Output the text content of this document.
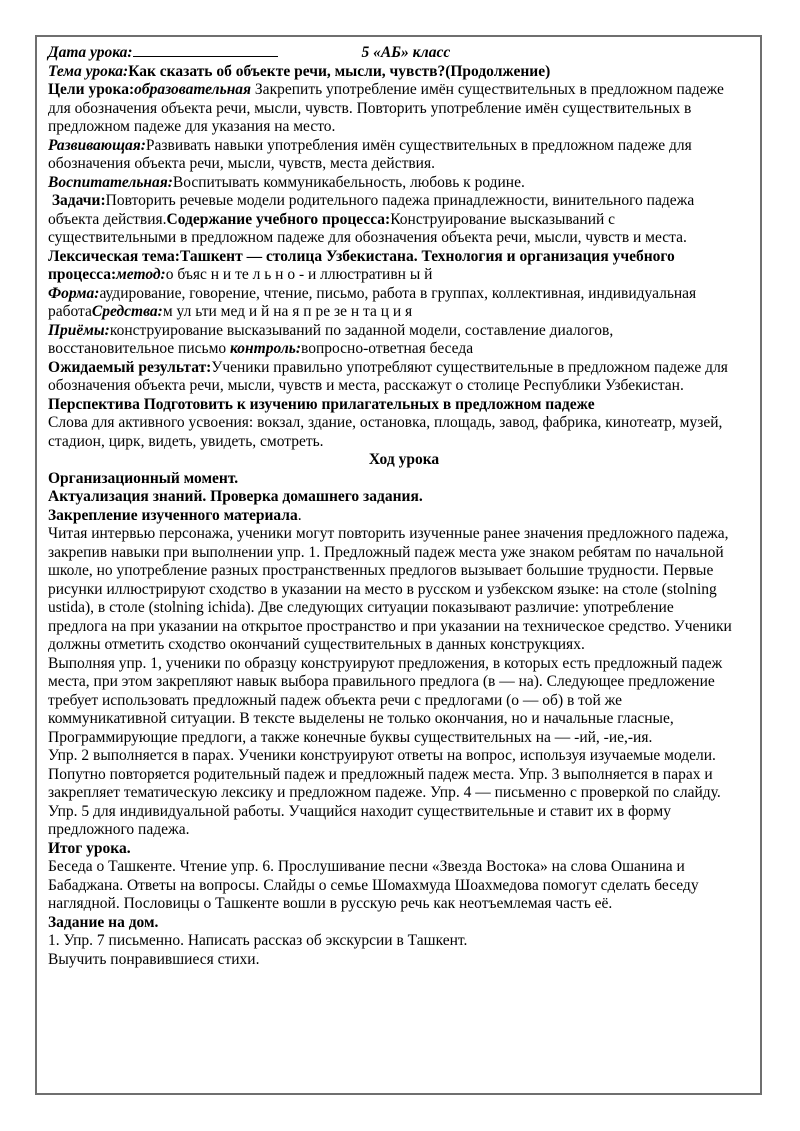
Дата урока:	5 «АБ» класс
Тема урока:Как сказать об объекте речи, мысли, чувств?(Продолжение)
Цели урока:образовательная Закрепить употребление имён существительных в предложном падеже
для обозначения объекта речи, мысли, чувств. Повторить употребление имён существительных в
предложном падеже для указания на место.
Развивающая:Развивать навыки употребления имён существительных в предложном падеже для
обозначения объекта речи, мысли, чувств, места действия.
Воспитательная:Воспитывать коммуникабельность, любовь к родине.
Задачи:Повторить речевые модели родительного падежа принадлежности, винительного падежа
объекта действия.Содержание учебного процесса:Конструирование высказываний с
существительными в предложном падеже для обозначения объекта речи, мысли, чувств и места.
Лексическая тема:Ташкент — столица Узбекистана. Технология и организация учебного
процесса:метод:о бъяс н и те л ь н о - и ллюстративн ы й
Форма:аудирование, говорение, чтение, письмо, работа в группах, коллективная, индивидуальная
работаСредства:м ул ьти мед и й на я п ре зе н та ц и я
Приёмы:конструирование высказываний по заданной модели, составление диалогов,
восстановительное письмо контроль:вопросно-ответная беседа
Ожидаемый результат:Ученики правильно употребляют существительные в предложном падеже для
обозначения объекта речи, мысли, чувств и места, расскажут о столице Республики Узбекистан.
Перспектива Подготовить к изучению прилагательных в предложном падеже
Слова для активного усвоения: вокзал, здание, остановка, площадь, завод, фабрика, кинотеатр, музей,
стадион, цирк, видеть, увидеть, смотреть.
Ход урока
Организационный момент.
Актуализация знаний. Проверка домашнего задания.
Закрепление изученного материала.
Читая интервью персонажа, ученики могут повторить изученные ранее значения предложного падежа,
закрепив навыки при выполнении упр. 1. Предложный падеж места уже знаком ребятам по начальной
школе, но употребление разных пространственных предлогов вызывает большие трудности. Первые
рисунки иллюстрируют сходство в указании на место в русском и узбекском языке: на столе (stolning
ustida), в столе (stolning ichida). Две следующих ситуации показывают различие: употребление
предлога на при указании на открытое пространство и при указании на техническое средство. Ученики
должны отметить сходство окончаний существительных в данных конструкциях.
Выполняя упр. 1, ученики по образцу конструируют предложения, в которых есть предложный падеж
места, при этом закрепляют навык выбора правильного предлога (в — на). Следующее предложение
требует использовать предложный падеж объекта речи с предлогами (о — об) в той же
коммуникативной ситуации. В тексте выделены не только окончания, но и начальные гласные,
Программирующие предлоги, а также конечные буквы существительных на — -ий, -ие,-ия.
Упр. 2 выполняется в парах. Ученики конструируют ответы на вопрос, используя изучаемые модели.
Попутно повторяется родительный падеж и предложный падеж места. Упр. 3 выполняется в парах и
закрепляет тематическую лексику и предложном падеже. Упр. 4 — письменно с проверкой по слайду.
Упр. 5 для индивидуальной работы. Учащийся находит существительные и ставит их в форму
предложного падежа.
Итог урока.
Беседа о Ташкенте. Чтение упр. 6. Прослушивание песни «Звезда Востока» на слова Ошанина и
Бабаджана. Ответы на вопросы. Слайды о семье Шомахмуда Шоахмедова помогут сделать беседу
наглядной. Пословицы о Ташкенте вошли в русскую речь как неотъемлемая часть её.
Задание на дом.
1. Упр. 7 письменно. Написать рассказ об экскурсии в Ташкент.
Выучить понравившиеся стихи.
